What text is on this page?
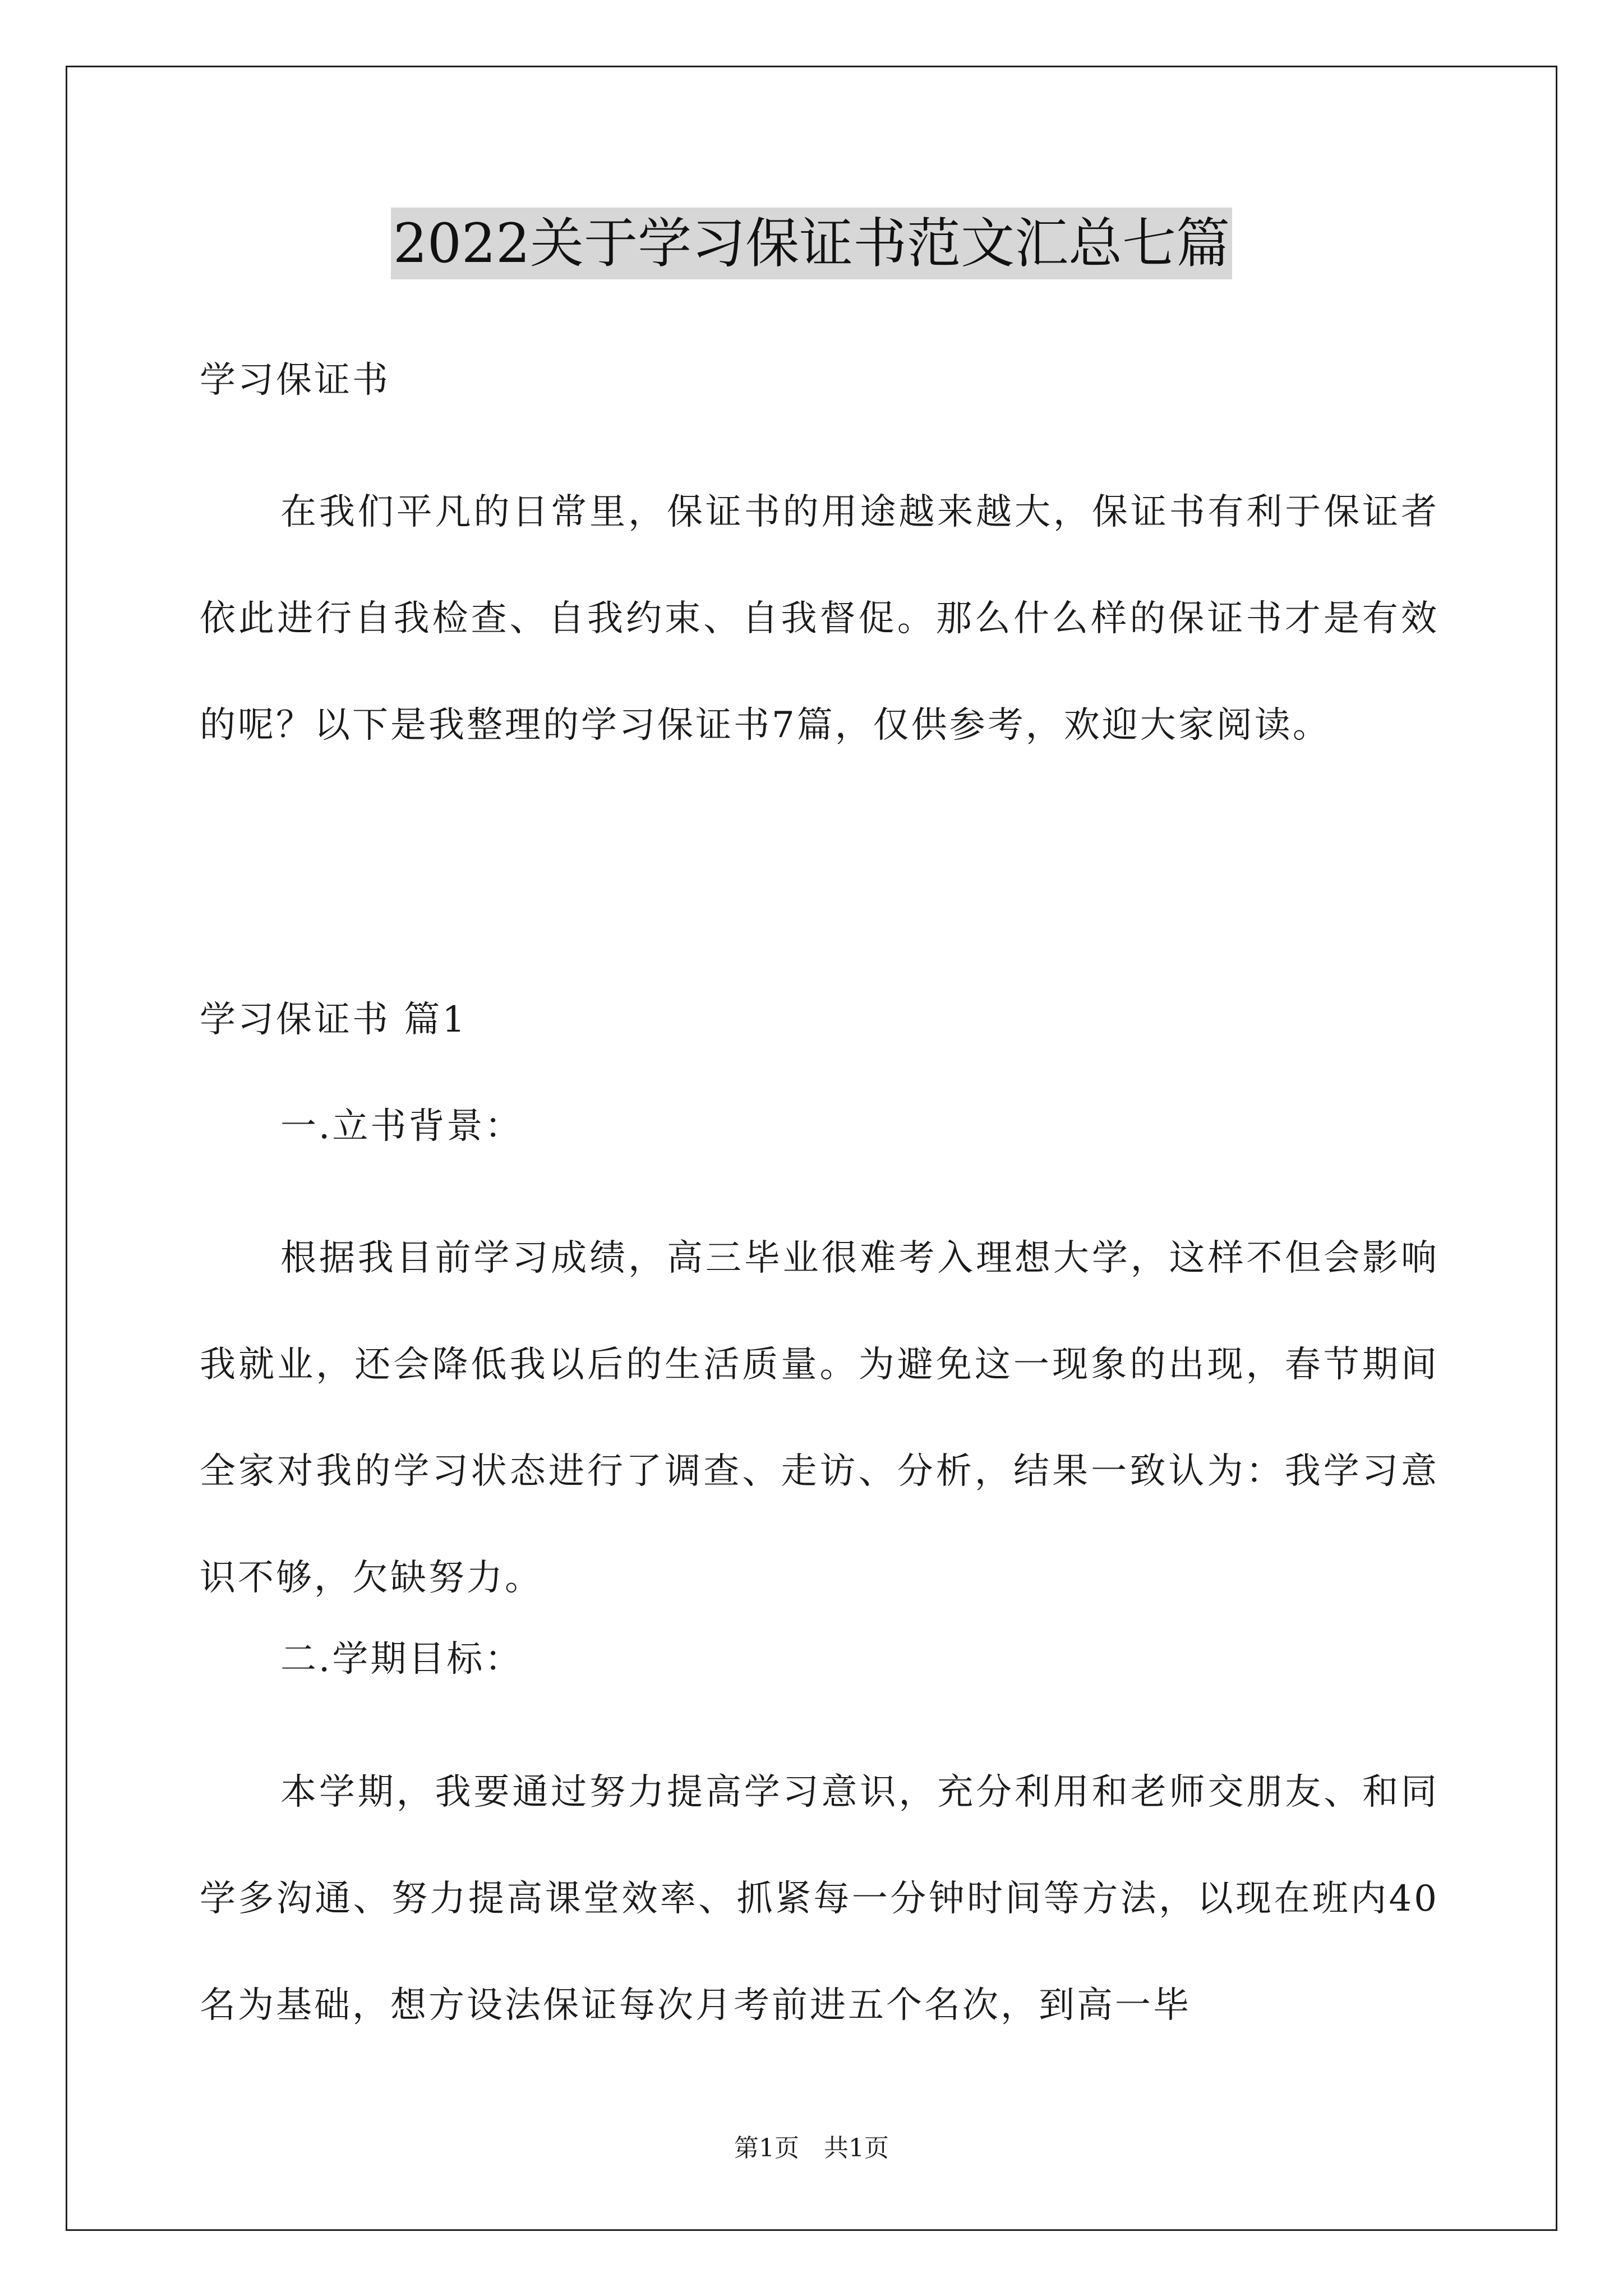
2022关于学习保证书范文汇总七篇

学习保证书

在我们平凡的日常里，保证书的用途越来越大，保证书有利于保证者依此进行自我检查、自我约束、自我督促。那么什么样的保证书才是有效的呢？以下是我整理的学习保证书7篇，仅供参考，欢迎大家阅读。

学习保证书 篇1

一.立书背景：

根据我目前学习成绩，高三毕业很难考入理想大学，这样不但会影响我就业，还会降低我以后的生活质量。为避免这一现象的出现，春节期间全家对我的学习状态进行了调查、走访、分析，结果一致认为：我学习意识不够，欠缺努力。

二.学期目标：

本学期，我要通过努力提高学习意识，充分利用和老师交朋友、和同学多沟通、努力提高课堂效率、抓紧每一分钟时间等方法，以现在班内40名为基础，想方设法保证每次月考前进五个名次，到高一毕

第1页　共1页
